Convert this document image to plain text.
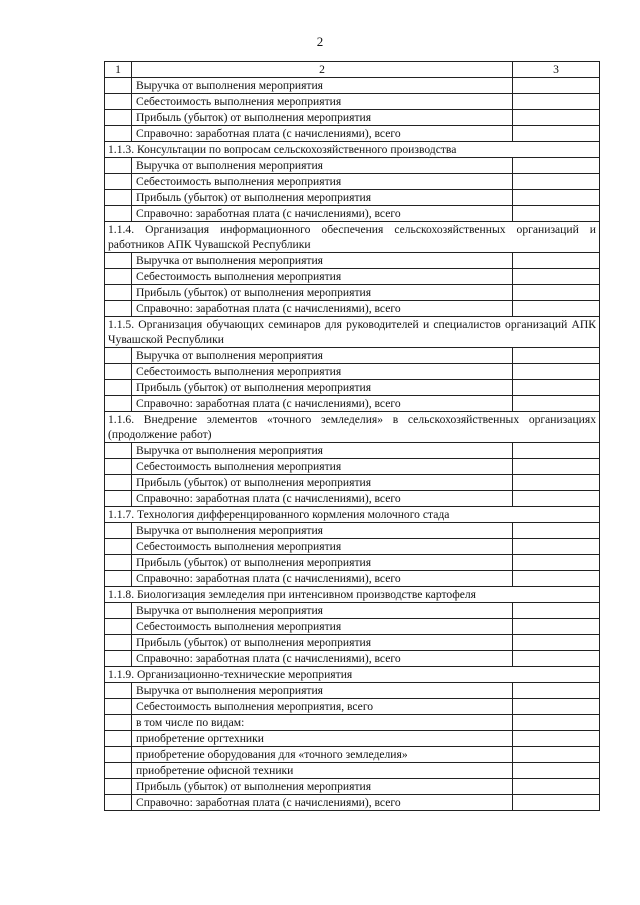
2
1	2	3
	Выручка от выполнения мероприятия	
	Себестоимость выполнения мероприятия	
	Прибыль (убыток) от выполнения мероприятия	
	Справочно: заработная плата (с начислениями), всего	
1.1.3. Консультации по вопросам сельскохозяйственного производства		
	Выручка от выполнения мероприятия	
	Себестоимость выполнения мероприятия	
	Прибыль (убыток) от выполнения мероприятия	
	Справочно: заработная плата (с начислениями), всего	
1.1.4. Организация информационного обеспечения сельскохозяйственных организаций и работников АПК Чувашской Республики		
	Выручка от выполнения мероприятия	
	Себестоимость выполнения мероприятия	
	Прибыль (убыток) от выполнения мероприятия	
	Справочно: заработная плата (с начислениями), всего	
1.1.5. Организация обучающих семинаров для руководителей и специалистов организаций АПК Чувашской Республики		
	Выручка от выполнения мероприятия	
	Себестоимость выполнения мероприятия	
	Прибыль (убыток) от выполнения мероприятия	
	Справочно: заработная плата (с начислениями), всего	
1.1.6. Внедрение элементов «точного земледелия» в сельскохозяйственных организациях (продолжение работ)		
	Выручка от выполнения мероприятия	
	Себестоимость выполнения мероприятия	
	Прибыль (убыток) от выполнения мероприятия	
	Справочно: заработная плата (с начислениями), всего	
1.1.7. Технология дифференцированного кормления молочного стада		
	Выручка от выполнения мероприятия	
	Себестоимость выполнения мероприятия	
	Прибыль (убыток) от выполнения мероприятия	
	Справочно: заработная плата (с начислениями), всего	
1.1.8. Биологизация земледелия при интенсивном производстве картофеля		
	Выручка от выполнения мероприятия	
	Себестоимость выполнения мероприятия	
	Прибыль (убыток) от выполнения мероприятия	
	Справочно: заработная плата (с начислениями), всего	
1.1.9. Организационно-технические мероприятия		
	Выручка от выполнения мероприятия	
	Себестоимость выполнения мероприятия, всего	
	в том числе по видам:	
	приобретение оргтехники	
	приобретение оборудования для «точного земледелия»	
	приобретение офисной техники	
	Прибыль (убыток) от выполнения мероприятия	
	Справочно: заработная плата (с начислениями), всего	
